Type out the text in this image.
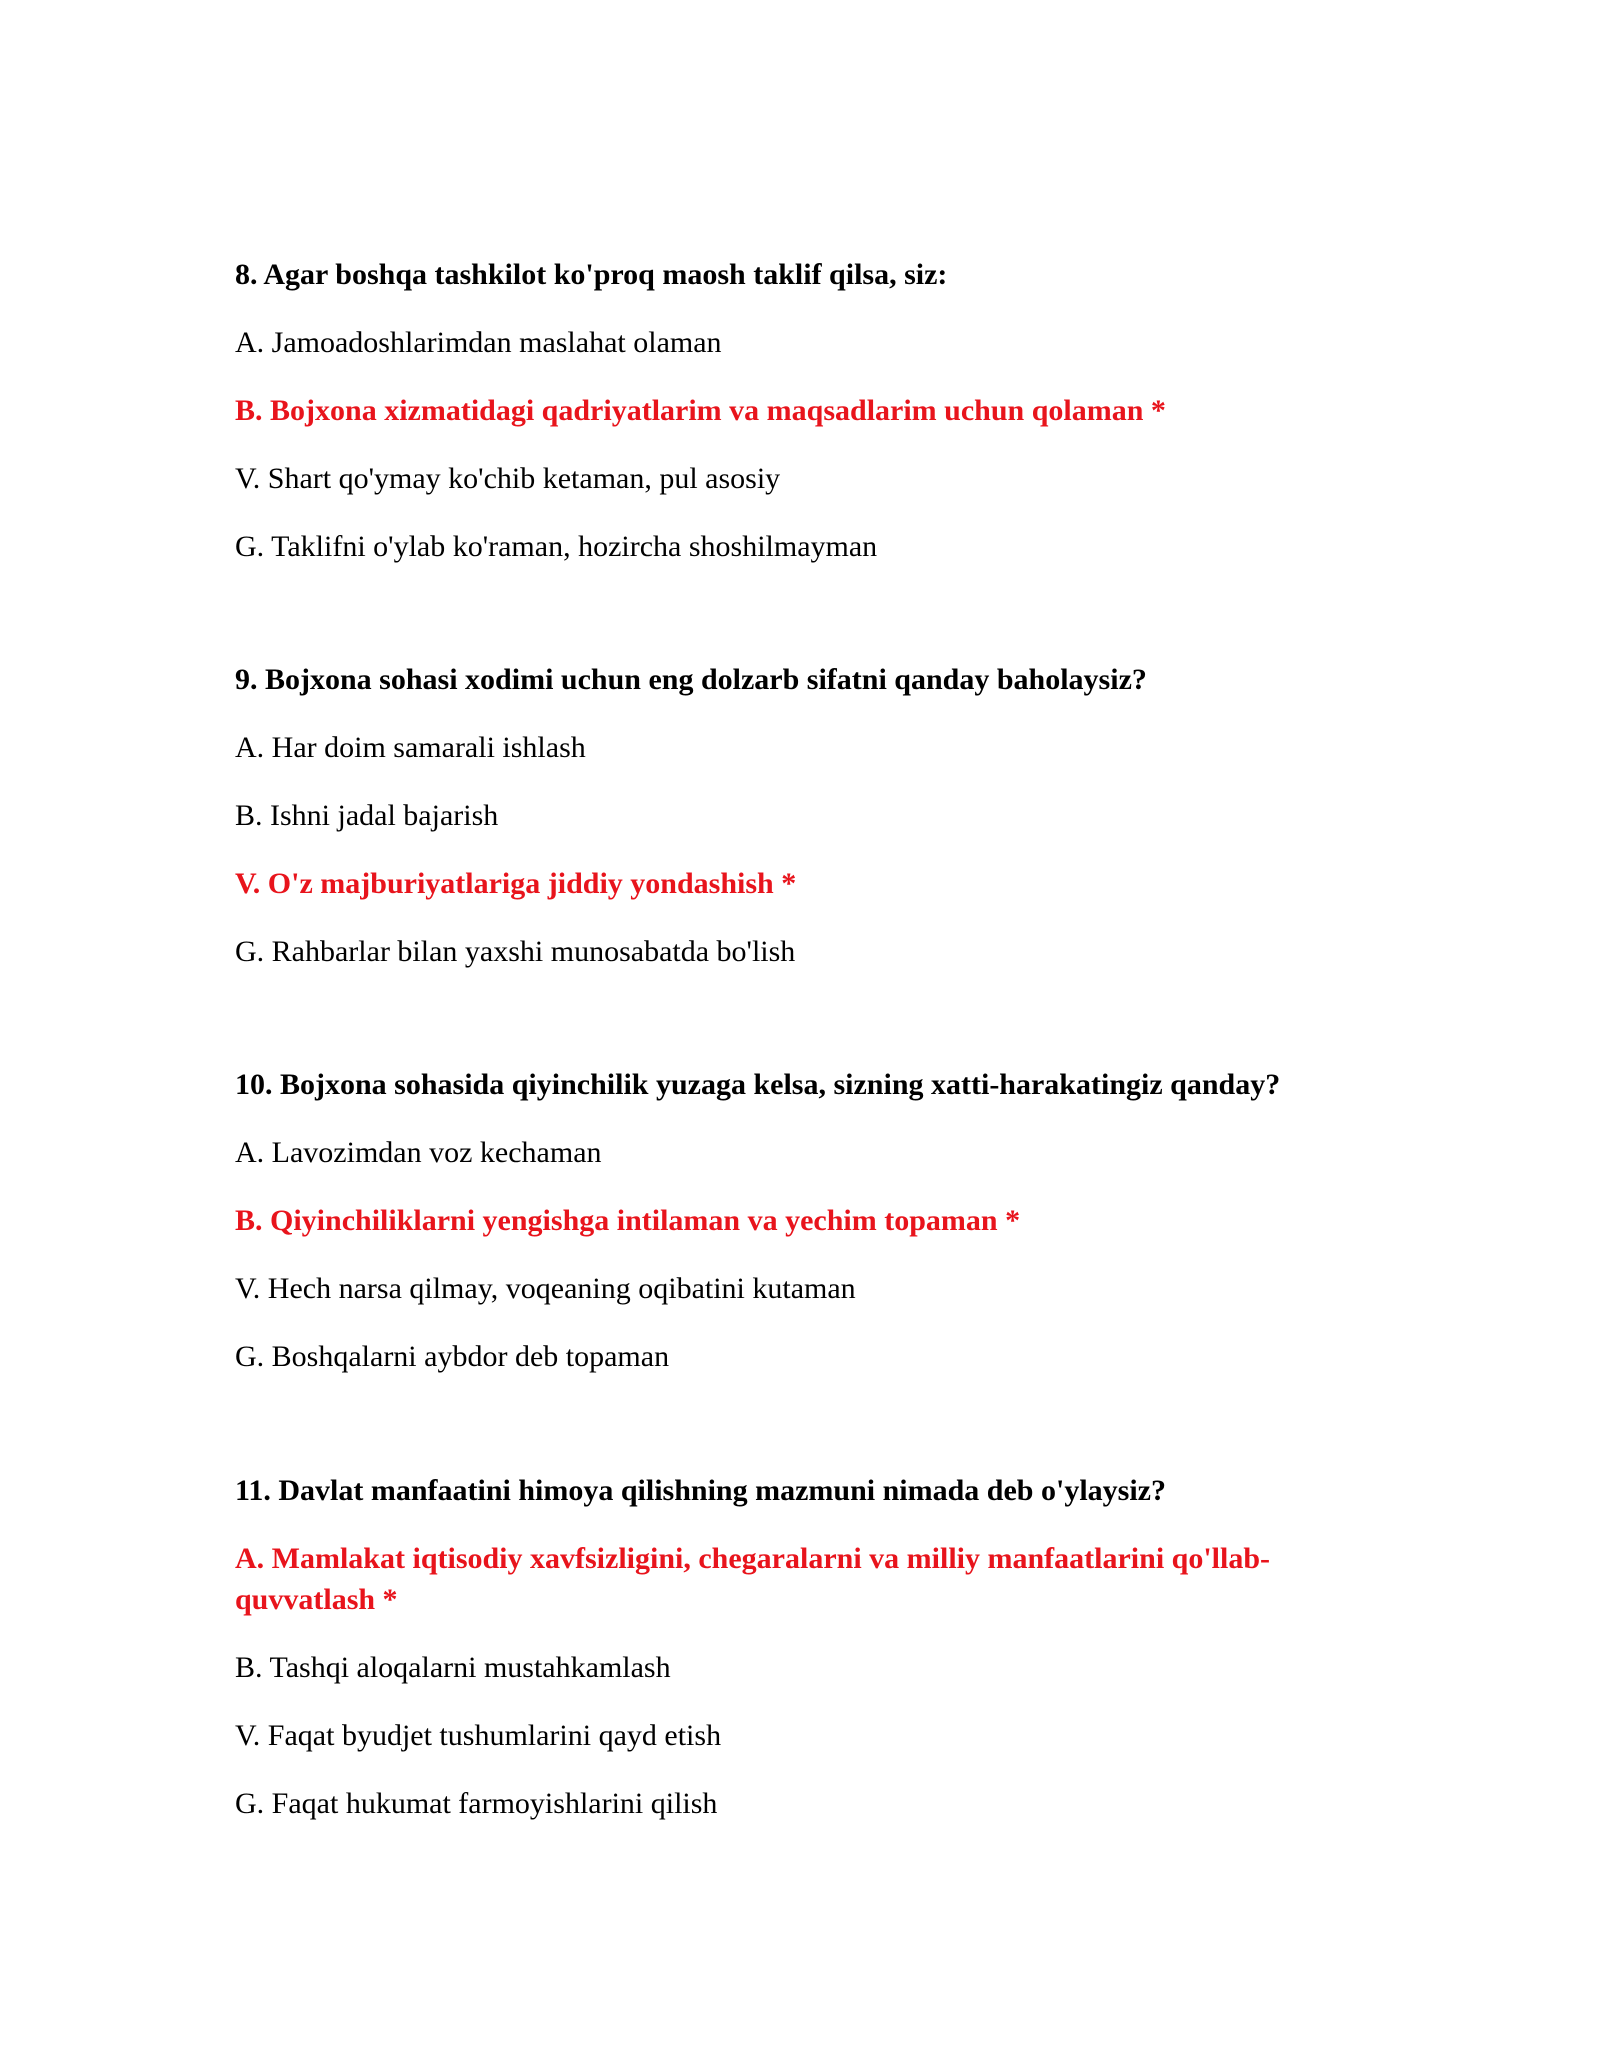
8. Agar boshqa tashkilot ko'proq maosh taklif qilsa, siz:

A. Jamoadoshlarimdan maslahat olaman

B. Bojxona xizmatidagi qadriyatlarim va maqsadlarim uchun qolaman *

V. Shart qo'ymay ko'chib ketaman, pul asosiy

G. Taklifni o'ylab ko'raman, hozircha shoshilmayman

9. Bojxona sohasi xodimi uchun eng dolzarb sifatni qanday baholaysiz?

A. Har doim samarali ishlash

B. Ishni jadal bajarish

V. O'z majburiyatlariga jiddiy yondashish *

G. Rahbarlar bilan yaxshi munosabatda bo'lish

10. Bojxona sohasida qiyinchilik yuzaga kelsa, sizning xatti-harakatingiz qanday?

A. Lavozimdan voz kechaman

B. Qiyinchiliklarni yengishga intilaman va yechim topaman *

V. Hech narsa qilmay, voqeaning oqibatini kutaman

G. Boshqalarni aybdor deb topaman

11. Davlat manfaatini himoya qilishning mazmuni nimada deb o'ylaysiz?

A. Mamlakat iqtisodiy xavfsizligini, chegaralarni va milliy manfaatlarini qo'llab-quvvatlash *

B. Tashqi aloqalarni mustahkamlash

V. Faqat byudjet tushumlarini qayd etish

G. Faqat hukumat farmoyishlarini qilish
